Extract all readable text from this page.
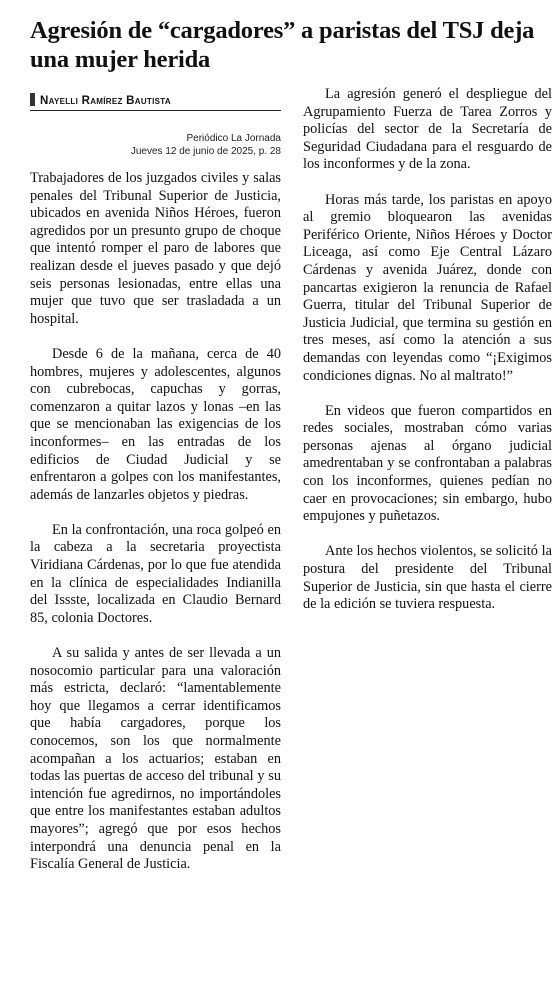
Agresión de “cargadores” a paristas del TSJ deja una mujer herida
Nayelli Ramírez Bautista
Periódico La Jornada
Jueves 12 de junio de 2025, p. 28

Trabajadores de los juzgados civiles y salas penales del Tribunal Superior de Justicia, ubicados en avenida Niños Héroes, fueron agredidos por un presunto grupo de choque que intentó romper el paro de labores que realizan desde el jueves pasado y que dejó seis personas lesionadas, entre ellas una mujer que tuvo que ser trasladada a un hospital.

Desde 6 de la mañana, cerca de 40 hombres, mujeres y adolescentes, algunos con cubrebocas, capuchas y gorras, comenzaron a quitar lazos y lonas –en las que se mencionaban las exigencias de los inconformes– en las entradas de los edificios de Ciudad Judicial y se enfrentaron a golpes con los manifestantes, además de lanzarles objetos y piedras.

En la confrontación, una roca golpeó en la cabeza a la secretaria proyectista Viridiana Cárdenas, por lo que fue atendida en la clínica de especialidades Indianilla del Issste, localizada en Claudio Bernard 85, colonia Doctores.

A su salida y antes de ser llevada a un nosocomio particular para una valoración más estricta, declaró: “lamentablemente hoy que llegamos a cerrar identificamos que había cargadores, porque los conocemos, son los que normalmente acompañan a los actuarios; estaban en todas las puertas de acceso del tribunal y su intención fue agredirnos, no importándoles que entre los manifestantes estaban adultos mayores”; agregó que por esos hechos interpondrá una denuncia penal en la Fiscalía General de Justicia.

La agresión generó el despliegue del Agrupamiento Fuerza de Tarea Zorros y policías del sector de la Secretaría de Seguridad Ciudadana para el resguardo de los inconformes y de la zona.

Horas más tarde, los paristas en apoyo al gremio bloquearon las avenidas Periférico Oriente, Niños Héroes y Doctor Liceaga, así como Eje Central Lázaro Cárdenas y avenida Juárez, donde con pancartas exigieron la renuncia de Rafael Guerra, titular del Tribunal Superior de Justicia Judicial, que termina su gestión en tres meses, así como la atención a sus demandas con leyendas como “¡Exigimos condiciones dignas. No al maltrato!”

En videos que fueron compartidos en redes sociales, mostraban cómo varias personas ajenas al órgano judicial amedrentaban y se confrontaban a palabras con los inconformes, quienes pedían no caer en provocaciones; sin embargo, hubo empujones y puñetazos.

Ante los hechos violentos, se solicitó la postura del presidente del Tribunal Superior de Justicia, sin que hasta el cierre de la edición se tuviera respuesta.
